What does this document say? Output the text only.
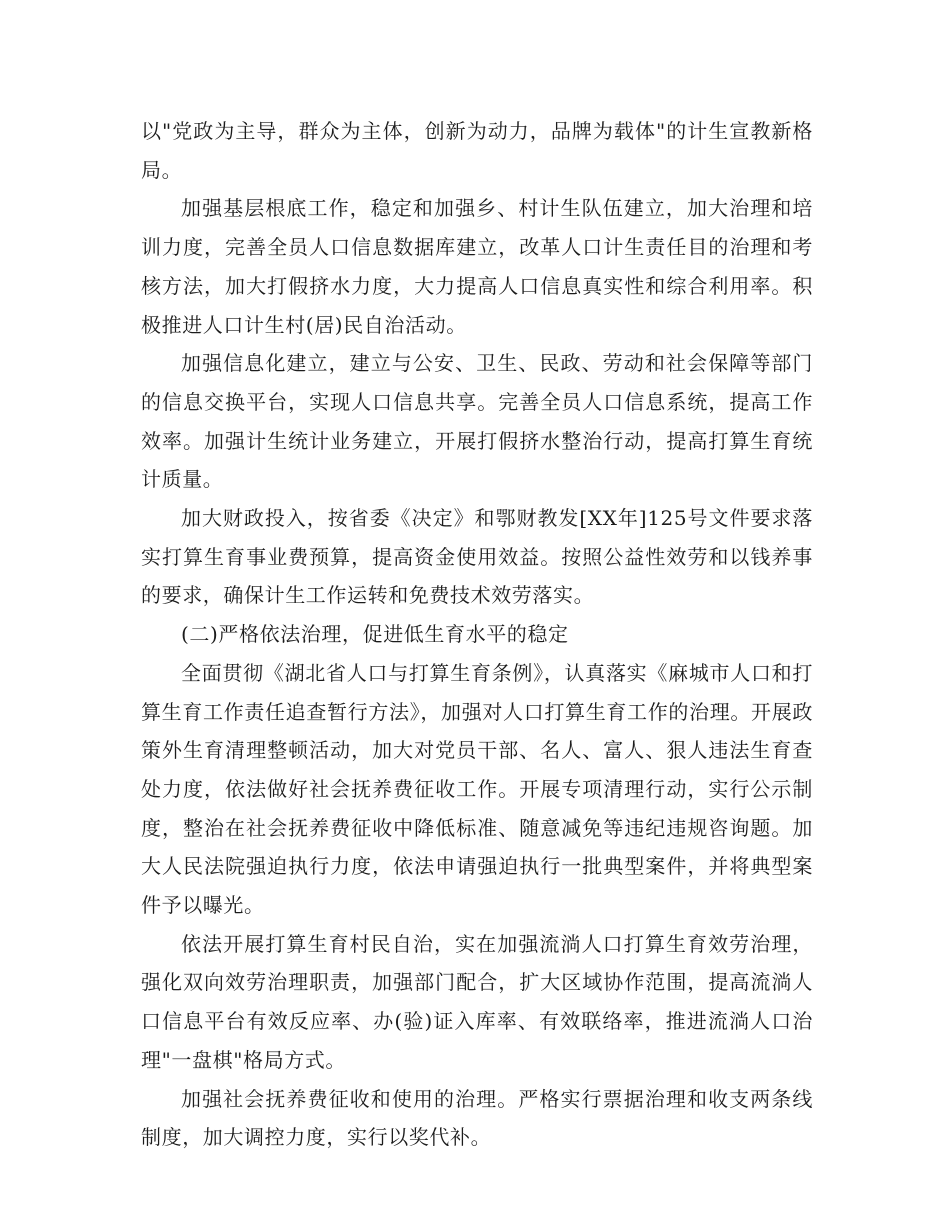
以"党政为主导，群众为主体，创新为动力，品牌为载体"的计生宣教新格局。

加强基层根底工作，稳定和加强乡、村计生队伍建立，加大治理和培训力度，完善全员人口信息数据库建立，改革人口计生责任目的治理和考核方法，加大打假挤水力度，大力提高人口信息真实性和综合利用率。积极推进人口计生村(居)民自治活动。

加强信息化建立，建立与公安、卫生、民政、劳动和社会保障等部门的信息交换平台，实现人口信息共享。完善全员人口信息系统，提高工作效率。加强计生统计业务建立，开展打假挤水整治行动，提高打算生育统计质量。

加大财政投入，按省委《决定》和鄂财教发[XX年]125号文件要求落实打算生育事业费预算，提高资金使用效益。按照公益性效劳和以钱养事的要求，确保计生工作运转和免费技术效劳落实。

(二)严格依法治理，促进低生育水平的稳定

全面贯彻《湖北省人口与打算生育条例》，认真落实《麻城市人口和打算生育工作责任追查暂行方法》，加强对人口打算生育工作的治理。开展政策外生育清理整顿活动，加大对党员干部、名人、富人、狠人违法生育查处力度，依法做好社会抚养费征收工作。开展专项清理行动，实行公示制度，整治在社会抚养费征收中降低标准、随意减免等违纪违规咨询题。加大人民法院强迫执行力度，依法申请强迫执行一批典型案件，并将典型案件予以曝光。

依法开展打算生育村民自治，实在加强流淌人口打算生育效劳治理，强化双向效劳治理职责，加强部门配合，扩大区域协作范围，提高流淌人口信息平台有效反应率、办(验)证入库率、有效联络率，推进流淌人口治理"一盘棋"格局方式。

加强社会抚养费征收和使用的治理。严格实行票据治理和收支两条线制度，加大调控力度，实行以奖代补。
